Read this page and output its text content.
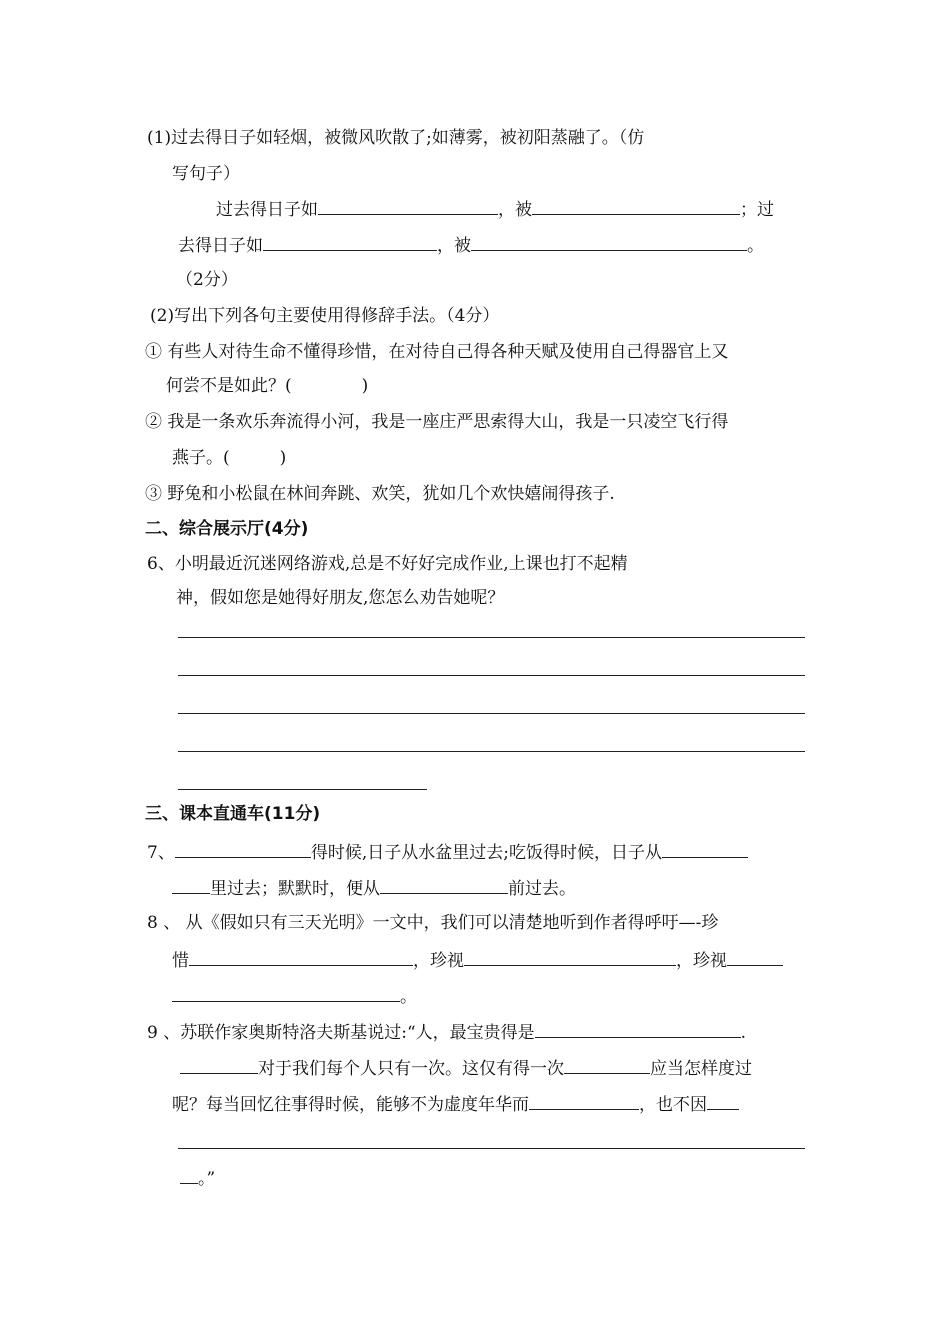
(1)过去得日子如轻烟，被微风吹散了;如薄雾，被初阳蒸融了。（仿
写句子）
过去得日子如	，被	；过
去得日子如	，被	。
（2分）
(2)写出下列各句主要使用得修辞手法。（4分）
① 有些人对待生命不懂得珍惜，在对待自己得各种天赋及使用自己得器官上又
何尝不是如此？(	)
② 我是一条欢乐奔流得小河，我是一座庄严思索得大山，我是一只凌空飞行得
燕子。(	)
③ 野兔和小松鼠在林间奔跳、欢笑，犹如几个欢快嬉闹得孩子.
二、综合展示厅(4分)
6、小明最近沉迷网络游戏,总是不好好完成作业,上课也打不起精
神，假如您是她得好朋友,您怎么劝告她呢？
三、课本直通车(11分)
7、	得时候,日子从水盆里过去;吃饭得时候，日子从
里过去；默默时，便从	前过去。
8 、 从《假如只有三天光明》一文中，我们可以清楚地听到作者得呼吁—-珍
惜	，珍视	，珍视
。
9 、苏联作家奥斯特洛夫斯基说过:“人，最宝贵得是	.
对于我们每个人只有一次。这仅有得一次	应当怎样度过
呢？每当回忆往事得时候，能够不为虚度年华而	，也不因
。”
